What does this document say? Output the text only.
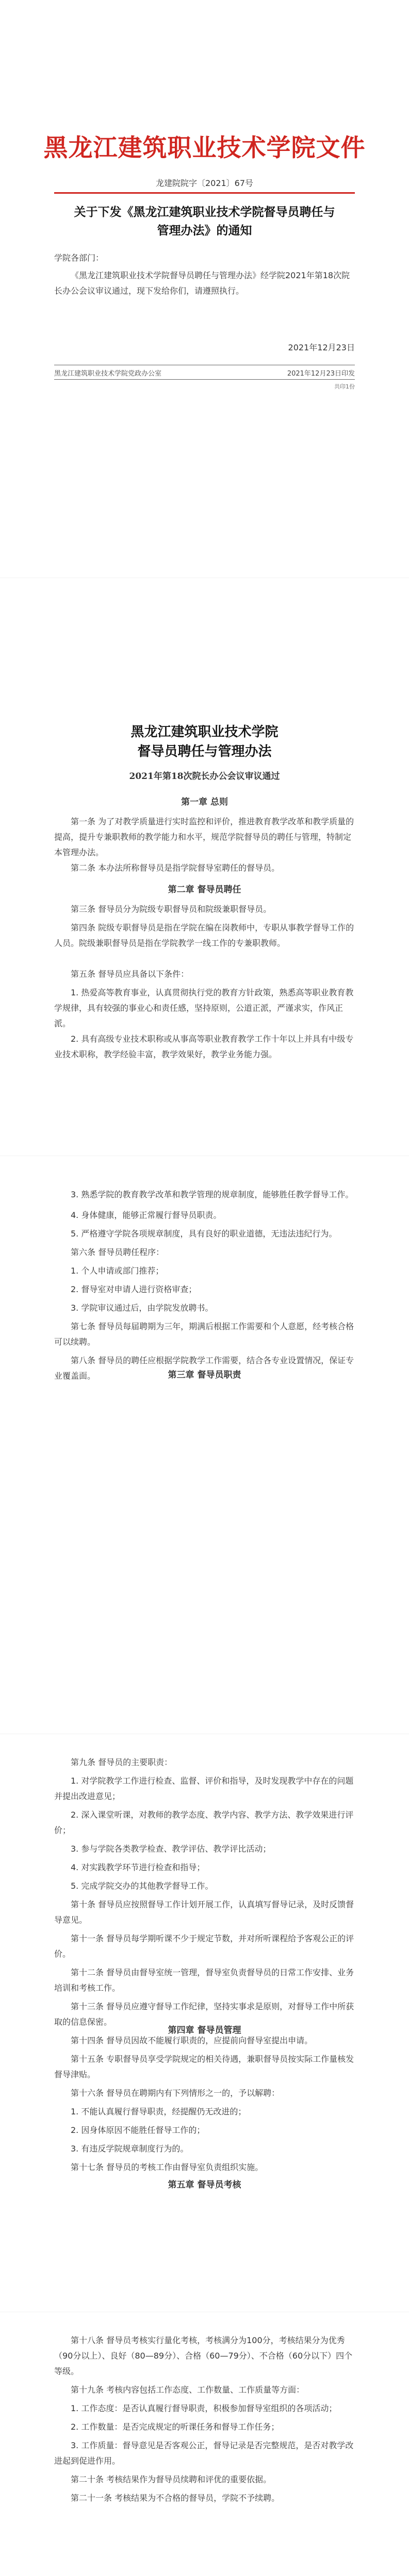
黑龙江建筑职业技术学院文件
龙建院院字〔2021〕67号
关于下发《黑龙江建筑职业技术学院督导员聘任与管理办法》的通知
学院各部门：
《黑龙江建筑职业技术学院督导员聘任与管理办法》经学院2021年第18次院长办公会议审议通过，现下发给你们，请遵照执行。
2021年12月23日
黑龙江建筑职业技术学院党政办公室	2021年12月23日印发
共印1份
黑龙江建筑职业技术学院
督导员聘任与管理办法
2021年第18次院长办公会议审议通过
第一章 总则
第一条 为了对教学质量进行实时监控和评价，推进教育教学改革和教学质量的提高，提升专兼职教师的教学能力和水平，规范学院督导员的聘任与管理，特制定本管理办法。
第二条 本办法所称督导员是指学院督导室聘任的督导员。
第二章 督导员聘任
第三条 督导员分为院级专职督导员和院级兼职督导员。
第四条 院级专职督导员是指在学院在编在岗教师中，专职从事教学督导工作的人员。院级兼职督导员是指在学院教学一线工作的专兼职教师。
第五条 督导员应具备以下条件：
1. 热爱高等教育事业，认真贯彻执行党的教育方针政策，熟悉高等职业教育教学规律，具有较强的事业心和责任感，坚持原则，公道正派，严谨求实，作风正派。
2. 具有高级专业技术职称或从事高等职业教育教学工作十年以上并具有中级专业技术职称，教学经验丰富，教学效果好，教学业务能力强。
3. 熟悉学院的教育教学改革和教学管理的规章制度，能够胜任教学督导工作。
4. 身体健康，能够正常履行督导员职责。
5. 严格遵守学院各项规章制度，具有良好的职业道德，无违法违纪行为。
第六条 督导员聘任程序：
1. 个人申请或部门推荐；
2. 督导室对申请人进行资格审查；
3. 学院审议通过后，由学院发放聘书。
第七条 督导员每届聘期为三年，期满后根据工作需要和个人意愿，经考核合格可以续聘。
第八条 督导员的聘任应根据学院教学工作需要，结合各专业设置情况，保证专业覆盖面。	第三章 督导员职责
第九条 督导员的主要职责：
1. 对学院教学工作进行检查、监督、评价和指导，及时发现教学中存在的问题并提出改进意见；
2. 深入课堂听课，对教师的教学态度、教学内容、教学方法、教学效果进行评价；
3. 参与学院各类教学检查、教学评估、教学评比活动；
4. 对实践教学环节进行检查和指导；
5. 完成学院交办的其他教学督导工作。
第十条 督导员应按照督导工作计划开展工作，认真填写督导记录，及时反馈督导意见。
第十一条 督导员每学期听课不少于规定节数，并对所听课程给予客观公正的评价。
第十二条 督导员由督导室统一管理，督导室负责督导员的日常工作安排、业务培训和考核工作。
第十三条 督导员应遵守督导工作纪律，坚持实事求是原则，对督导工作中所获取的信息保密。
第十四条 督导员因故不能履行职责的，应提前向督导室提出申请。
第十五条 专职督导员享受学院规定的相关待遇，兼职督导员按实际工作量核发督导津贴。
第十六条 督导员在聘期内有下列情形之一的，予以解聘：
1. 不能认真履行督导职责，经提醒仍无改进的；
2. 因身体原因不能胜任督导工作的；
3. 有违反学院规章制度行为的。
第十七条 督导员的考核工作由督导室负责组织实施。
第四章 督导员管理
第五章 督导员考核
第十八条 督导员考核实行量化考核，考核满分为100分，考核结果分为优秀（90分以上）、良好（80—89分）、合格（60—79分）、不合格（60分以下）四个等级。
第十九条 考核内容包括工作态度、工作数量、工作质量等方面：
1. 工作态度：是否认真履行督导职责，积极参加督导室组织的各项活动；
2. 工作数量：是否完成规定的听课任务和督导工作任务；
3. 工作质量：督导意见是否客观公正，督导记录是否完整规范，是否对教学改进起到促进作用。
第二十条 考核结果作为督导员续聘和评优的重要依据。
第二十一条 考核结果为不合格的督导员，学院不予续聘。
